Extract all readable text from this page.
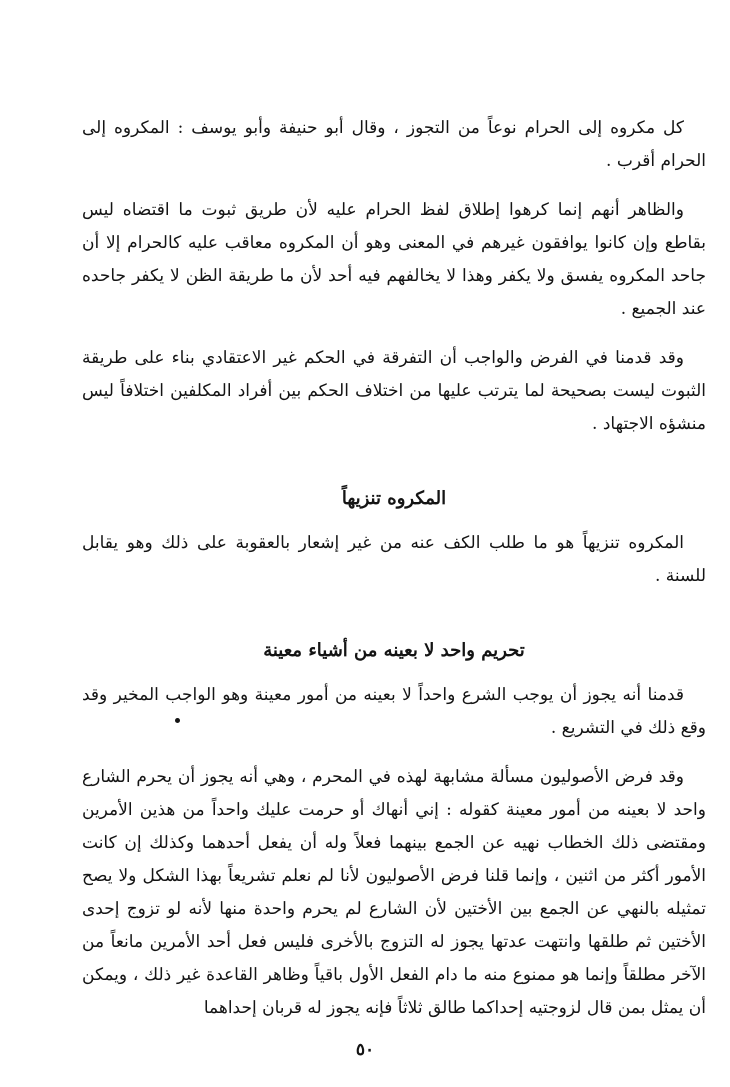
كل مكروه إلى الحرام نوعاً من التجوز ، وقال أبو حنيفة وأبو يوسف : المكروه إلى الحرام أقرب .

والظاهر أنهم إنما كرهوا إطلاق لفظ الحرام عليه لأن طريق ثبوت ما اقتضاه ليس بقاطع وإن كانوا يوافقون غيرهم في المعنى وهو أن المكروه معاقب عليه كالحرام إلا أن جاحد المكروه يفسق ولا يكفر وهذا لا يخالفهم فيه أحد لأن ما طريقة الظن لا يكفر جاحده عند الجميع .

وقد قدمنا في الفرض والواجب أن التفرقة في الحكم غير الاعتقادي بناء على طريقة الثبوت ليست بصحيحة لما يترتب عليها من اختلاف الحكم بين أفراد المكلفين اختلافاً ليس منشؤه الاجتهاد .

المكروه تنزيهاً

المكروه تنزيهاً هو ما طلب الكف عنه من غير إشعار بالعقوبة على ذلك وهو يقابل للسنة .

تحريم واحد لا بعينه من أشياء معينة

قدمنا أنه يجوز أن يوجب الشرع واحداً لا بعينه من أمور معينة وهو الواجب المخير وقد وقع ذلك في التشريع .

وقد فرض الأصوليون مسألة مشابهة لهذه في المحرم ، وهي أنه يجوز أن يحرم الشارع واحد لا بعينه من أمور معينة كقوله : إني أنهاك أو حرمت عليك واحداً من هذين الأمرين ومقتضى ذلك الخطاب نهيه عن الجمع بينهما فعلاً وله أن يفعل أحدهما وكذلك إن كانت الأمور أكثر من اثنين ، وإنما قلنا فرض الأصوليون لأنا لم نعلم تشريعاً بهذا الشكل ولا يصح تمثيله بالنهي عن الجمع بين الأختين لأن الشارع لم يحرم واحدة منها لأنه لو تزوج إحدى الأختين ثم طلقها وانتهت عدتها يجوز له التزوج بالأخرى فليس فعل أحد الأمرين مانعاً من الآخر مطلقاً وإنما هو ممنوع منه ما دام الفعل الأول باقياً وظاهر القاعدة غير ذلك ، ويمكن أن يمثل بمن قال لزوجتيه إحداكما طالق ثلاثاً فإنه يجوز له قربان إحداهما

٥٠
